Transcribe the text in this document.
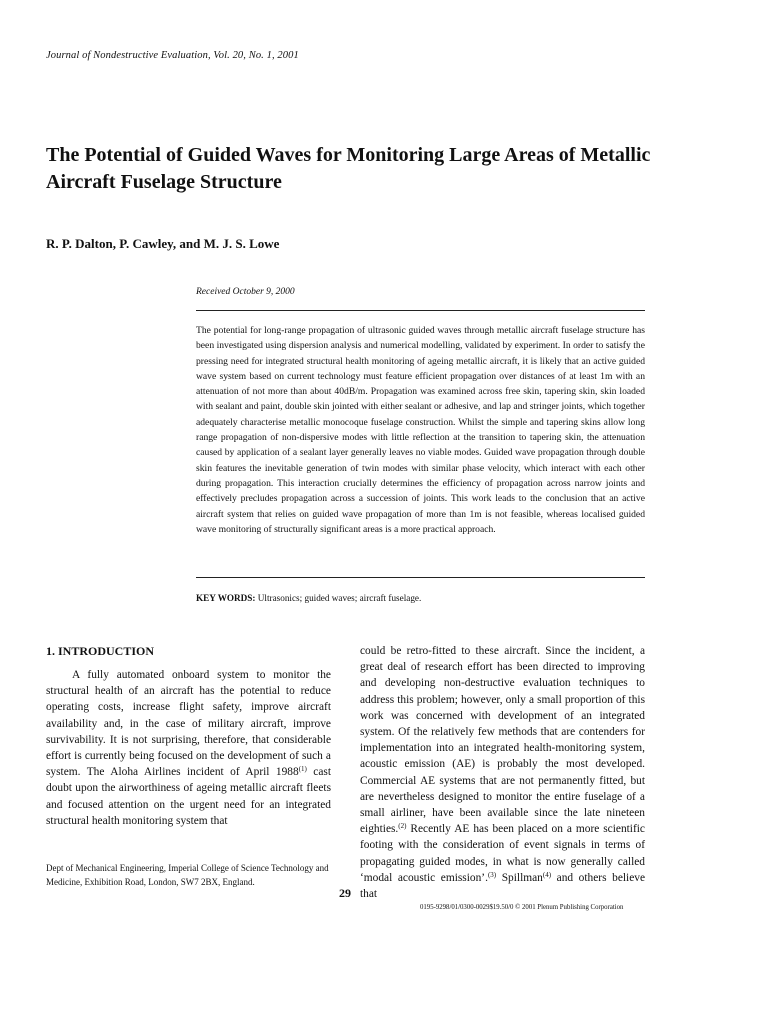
Journal of Nondestructive Evaluation, Vol. 20, No. 1, 2001
The Potential of Guided Waves for Monitoring Large Areas of Metallic Aircraft Fuselage Structure
R. P. Dalton, P. Cawley, and M. J. S. Lowe
Received October 9, 2000

The potential for long-range propagation of ultrasonic guided waves through metallic aircraft fuselage structure has been investigated using dispersion analysis and numerical modelling, validated by experiment. In order to satisfy the pressing need for integrated structural health monitoring of ageing metallic aircraft, it is likely that an active guided wave system based on current technology must feature efficient propagation over distances of at least 1m with an attenuation of not more than about 40dB/m. Propagation was examined across free skin, tapering skin, skin loaded with sealant and paint, double skin jointed with either sealant or adhesive, and lap and stringer joints, which together adequately characterise metallic monocoque fuselage construction. Whilst the simple and tapering skins allow long range propagation of non-dispersive modes with little reflection at the transition to tapering skin, the attenuation caused by application of a sealant layer generally leaves no viable modes. Guided wave propagation through double skin features the inevitable generation of twin modes with similar phase velocity, which interact with each other during propagation. This interaction crucially determines the efficiency of propagation across narrow joints and effectively precludes propagation across a succession of joints. This work leads to the conclusion that an active aircraft system that relies on guided wave propagation of more than 1m is not feasible, whereas localised guided wave monitoring of structurally significant areas is a more practical approach.

KEY WORDS: Ultrasonics; guided waves; aircraft fuselage.
1. INTRODUCTION

A fully automated onboard system to monitor the structural health of an aircraft has the potential to reduce operating costs, increase flight safety, improve aircraft availability and, in the case of military aircraft, improve survivability. It is not surprising, therefore, that considerable effort is currently being focused on the development of such a system. The Aloha Airlines incident of April 1988$^{(1)}$ cast doubt upon the airworthiness of ageing metallic aircraft fleets and focused attention on the urgent need for an integrated structural health monitoring system that

could be retro-fitted to these aircraft. Since the incident, a great deal of research effort has been directed to improving and developing non-destructive evaluation techniques to address this problem; however, only a small proportion of this work was concerned with development of an integrated system. Of the relatively few methods that are contenders for implementation into an integrated health-monitoring system, acoustic emission (AE) is probably the most developed. Commercial AE systems that are not permanently fitted, but are nevertheless designed to monitor the entire fuselage of a small airliner, have been available since the late nineteen eighties.$^{(2)}$ Recently AE has been placed on a more scientific footing with the consideration of event signals in terms of propagating guided modes, in what is now generally called ‘modal acoustic emission’.$^{(3)}$ Spillman$^{(4)}$ and others believe that

Dept of Mechanical Engineering, Imperial College of Science Technology and Medicine, Exhibition Road, London, SW7 2BX, England.

29
0195-9298/01/0300-0029$19.50/0 © 2001 Plenum Publishing Corporation
